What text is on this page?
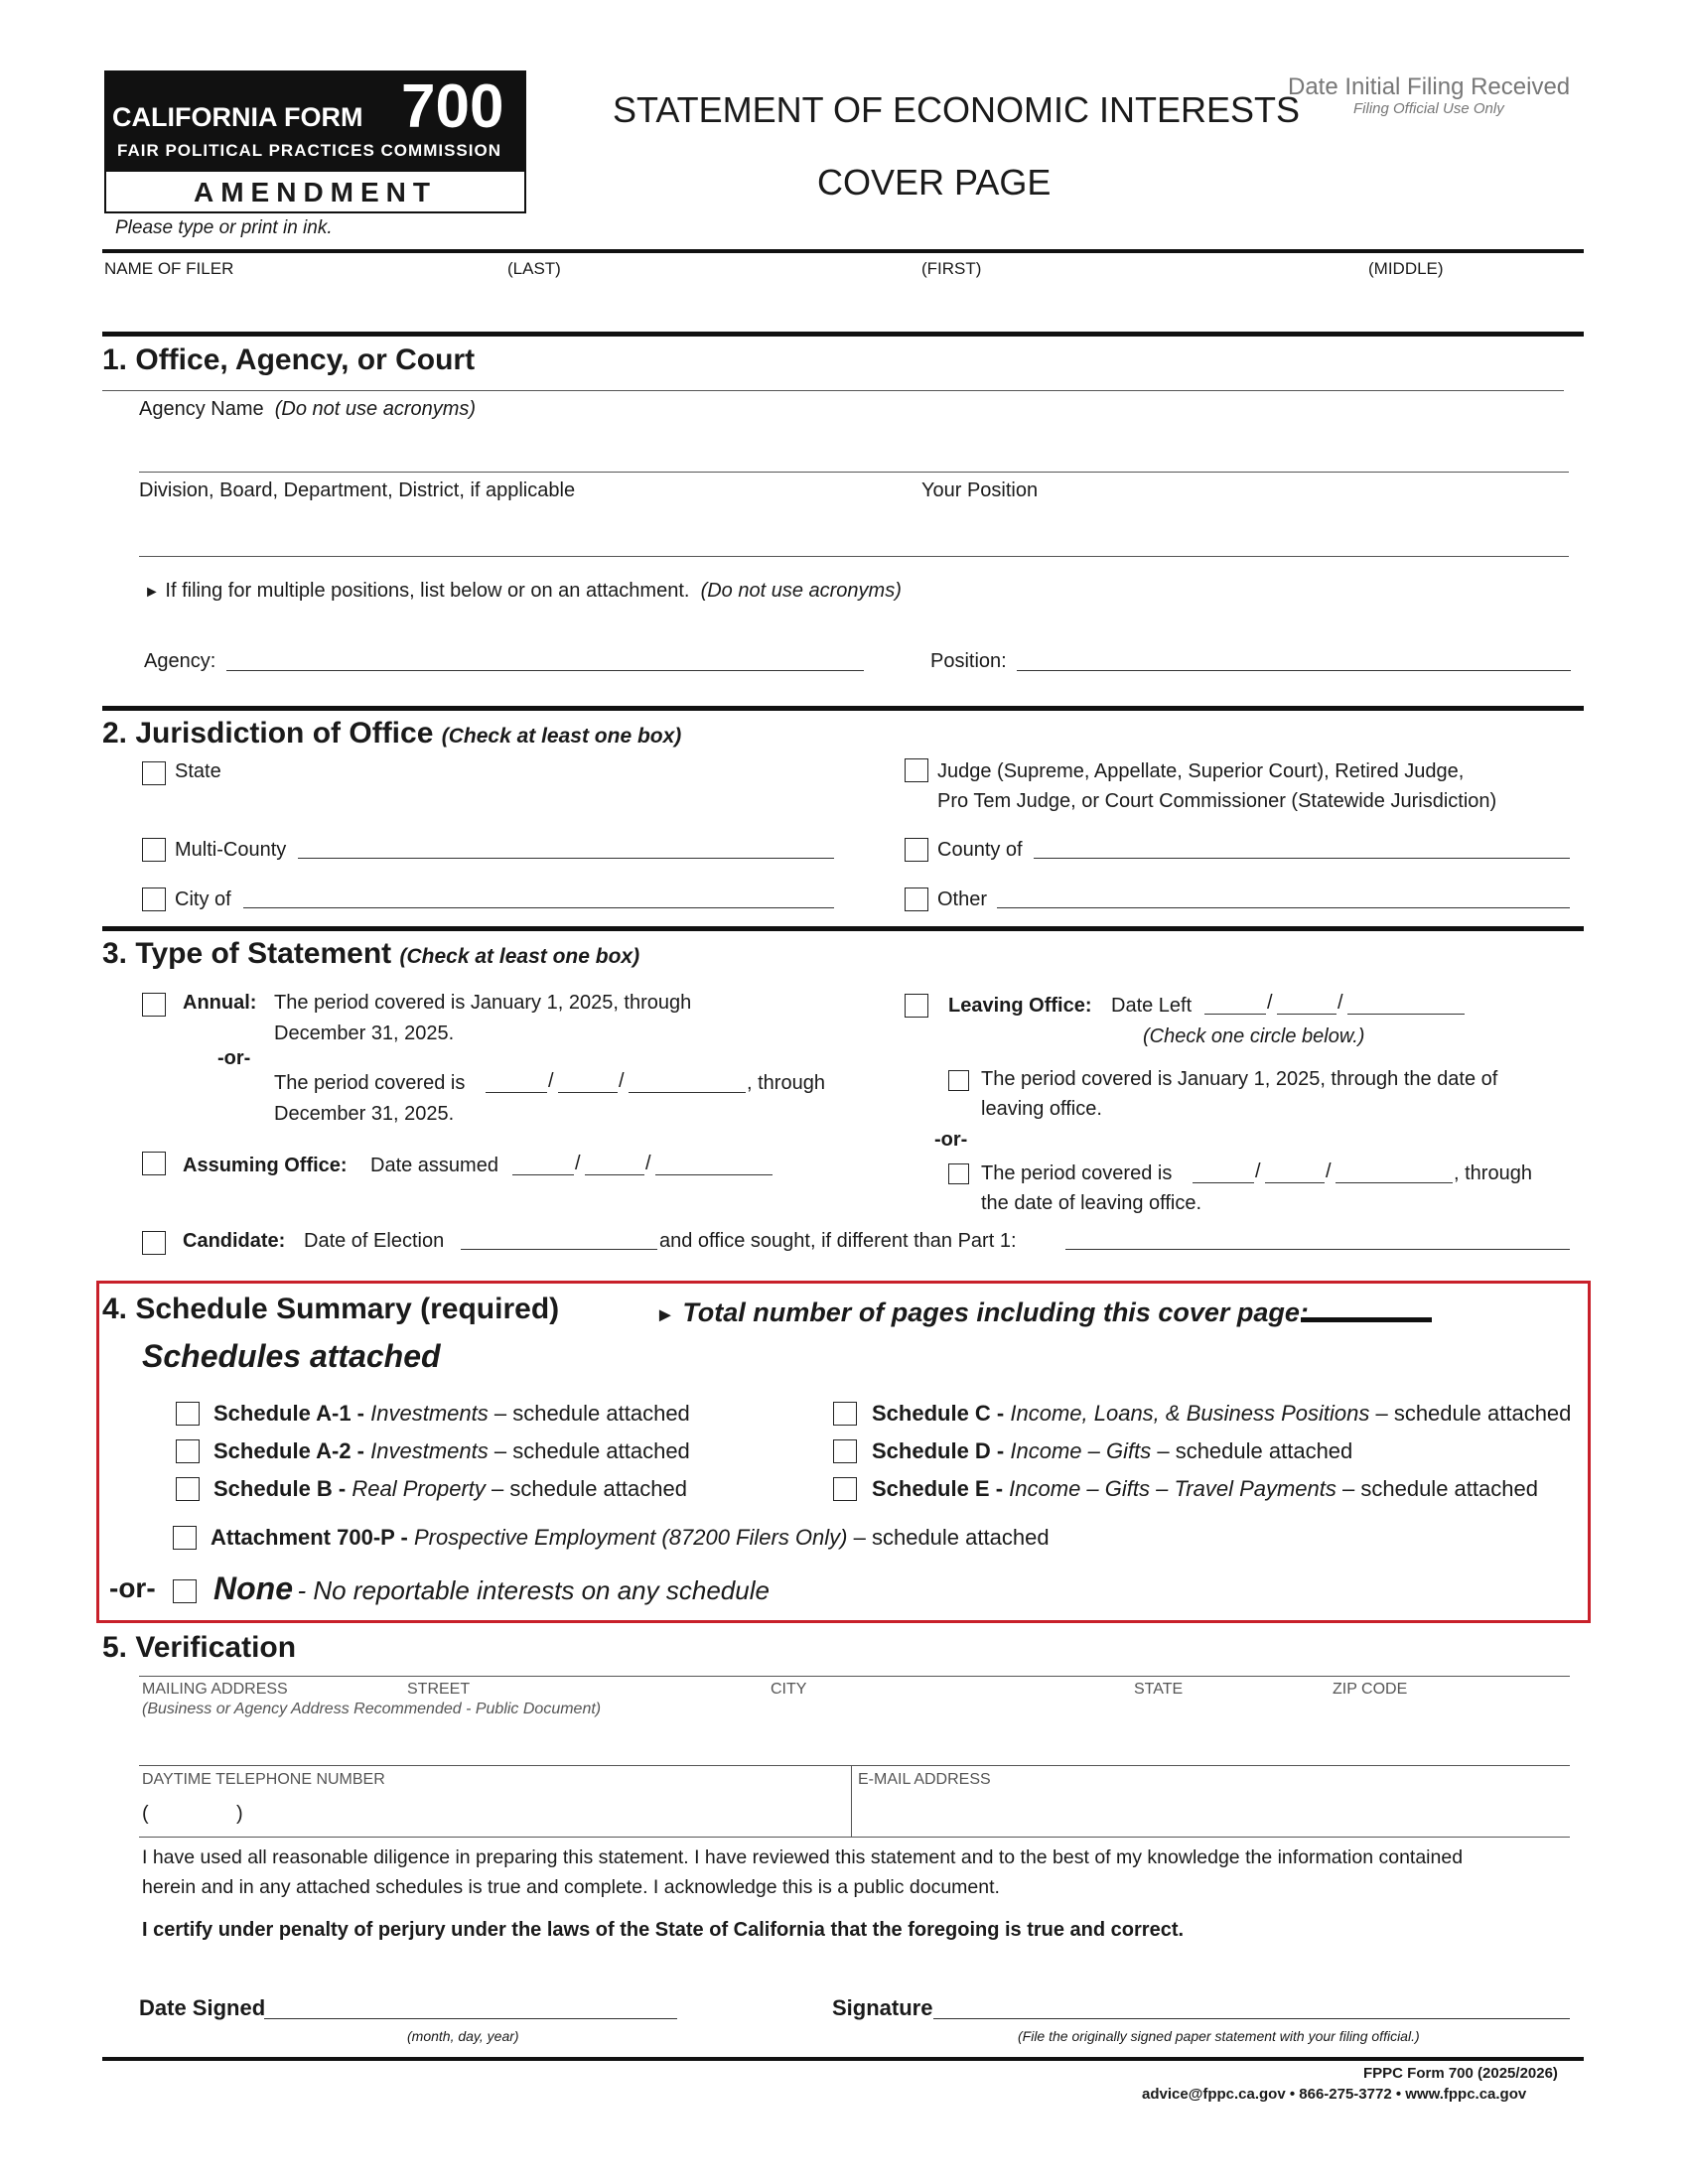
CALIFORNIA FORM 700
FAIR POLITICAL PRACTICES COMMISSION
AMENDMENT
Please type or print in ink.
STATEMENT OF ECONOMIC INTERESTS
COVER PAGE
Date Initial Filing Received
Filing Official Use Only
NAME OF FILER	(LAST)	(FIRST)	(MIDDLE)
1. Office, Agency, or Court
Agency Name (Do not use acronyms)
Division, Board, Department, District, if applicable	Your Position
► If filing for multiple positions, list below or on an attachment. (Do not use acronyms)
Agency:	Position:
2. Jurisdiction of Office (Check at least one box)
State	Judge (Supreme, Appellate, Superior Court), Retired Judge,
Pro Tem Judge, or Court Commissioner (Statewide Jurisdiction)
Multi-County	County of
City of	Other
3. Type of Statement (Check at least one box)
Annual: The period covered is January 1, 2025, through
December 31, 2025.
-or-
The period covered is	/	/	, through
December 31, 2025.
Assuming Office: Date assumed	/	/
Candidate: Date of Election	and office sought, if different than Part 1:
Leaving Office: Date Left	/	/
(Check one circle below.)
The period covered is January 1, 2025, through the date of
leaving office.
-or-
The period covered is	/	/	, through
the date of leaving office.
4. Schedule Summary (required)	► Total number of pages including this cover page:
Schedules attached
Schedule A-1 - Investments – schedule attached
Schedule A-2 - Investments – schedule attached
Schedule B - Real Property – schedule attached
Schedule C - Income, Loans, & Business Positions – schedule attached
Schedule D - Income – Gifts – schedule attached
Schedule E - Income – Gifts – Travel Payments – schedule attached
Attachment 700-P - Prospective Employment (87200 Filers Only) – schedule attached
-or- None - No reportable interests on any schedule
5. Verification
MAILING ADDRESS	STREET	CITY	STATE	ZIP CODE
(Business or Agency Address Recommended - Public Document)
DAYTIME TELEPHONE NUMBER	E-MAIL ADDRESS
(	)
I have used all reasonable diligence in preparing this statement. I have reviewed this statement and to the best of my knowledge the information contained
herein and in any attached schedules is true and complete. I acknowledge this is a public document.
I certify under penalty of perjury under the laws of the State of California that the foregoing is true and correct.
Date Signed
(month, day, year)
Signature
(File the originally signed paper statement with your filing official.)
FPPC Form 700 (2025/2026)
advice@fppc.ca.gov • 866-275-3772 • www.fppc.ca.gov
